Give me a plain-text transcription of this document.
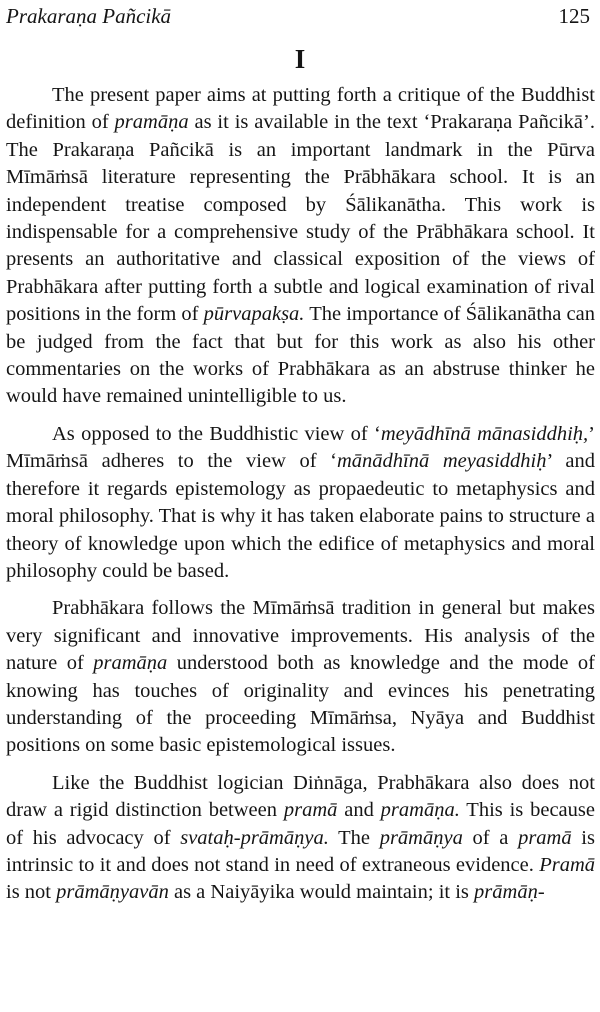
Prakaraṇa Pañcikā	125
I

The present paper aims at putting forth a critique of the Buddhist definition of pramāṇa as it is available in the text ‘Prakaraṇa Pañcikā’. The Prakaraṇa Pañcikā is an important landmark in the Pūrva Mīmāṁsā literature representing the Prābhākara school. It is an independent treatise composed by Śālikanātha. This work is indispensable for a comprehensive study of the Prābhākara school. It presents an authoritative and classical exposition of the views of Prabhākara after putting forth a subtle and logical examination of rival positions in the form of pūrvapakṣa. The importance of Śālikanātha can be judged from the fact that but for this work as also his other commentaries on the works of Prabhākara as an abstruse thinker he would have remained unintelligible to us.

As opposed to the Buddhistic view of ‘meyādhīnā mānasiddhiḥ,’ Mīmāṁsā adheres to the view of ‘mānādhīnā meyasiddhiḥ’ and therefore it regards epistemology as propaedeutic to metaphysics and moral philosophy. That is why it has taken elaborate pains to structure a theory of knowledge upon which the edifice of metaphysics and moral philosophy could be based.

Prabhākara follows the Mīmāṁsā tradition in general but makes very significant and innovative improvements. His analysis of the nature of pramāṇa understood both as knowledge and the mode of knowing has touches of originality and evinces his penetrating understanding of the proceeding Mīmāṁsa, Nyāya and Buddhist positions on some basic epistemological issues.

Like the Buddhist logician Diṅnāga, Prabhākara also does not draw a rigid distinction between pramā and pramāṇa. This is because of his advocacy of svataḥ-prāmāṇya. The prāmāṇya of a pramā is intrinsic to it and does not stand in need of extraneous evidence. Pramā is not prāmāṇyavān as a Naiyāyika would maintain; it is prāmāṇ-
